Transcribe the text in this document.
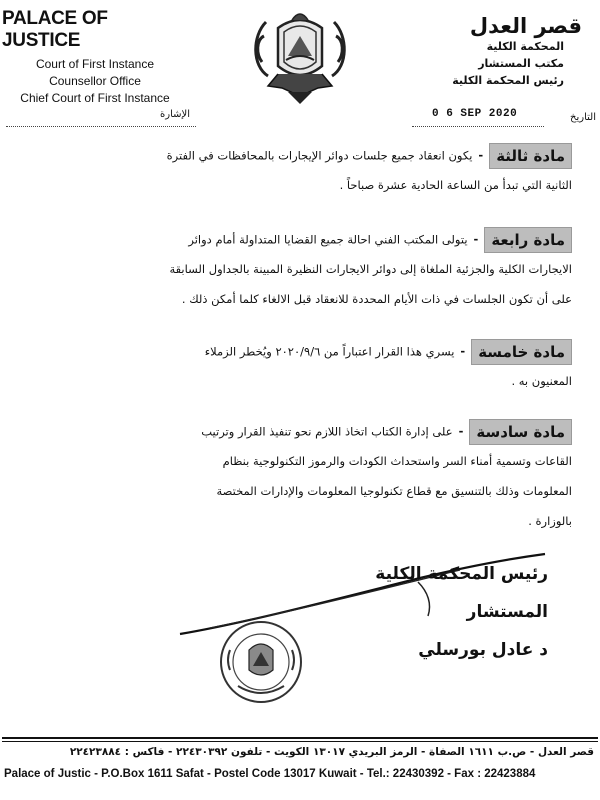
PALACE OF JUSTICE
Court of First Instance
Counsellor Office
Chief Court of First Instance
قصر العدل
المحكمة الكلية
مكتب المستشار
رئيس المحكمة الكلية
الإشارة	0 6 SEP 2020	التاريخ
مادة ثالثة-يكون انعقاد جميع جلسات دوائر الإيجارات بالمحافظات في الفترة
الثانية التي تبدأ من الساعة الحادية عشرة صباحاً .
مادة رابعة-يتولى المكتب الفني احالة جميع القضايا المتداولة أمام دوائر
الايجارات الكلية والجزئية الملغاة إلى دوائر الايجارات النظيرة المبينة بالجداول السابقة
على أن تكون الجلسات في ذات الأيام المحددة للانعقاد قبل الالغاء كلما أمكن ذلك .
مادة خامسة-يسري هذا القرار اعتباراً من ٢٠٢٠/٩/٦ ويُخطر الزملاء
المعنيون به .
مادة سادسة-على إدارة الكتاب اتخاذ اللازم نحو تنفيذ القرار وترتيب
القاعات وتسمية أمناء السر واستحداث الكودات والرموز التكنولوجية بنظام
المعلومات وذلك بالتنسيق مع قطاع تكنولوجيا المعلومات والإدارات المختصة
بالوزارة .
رئيس المحكمة الكلية
المستشار
د عادل بورسلي
قصر العدل - ص.ب ١٦١١ الصفاة - الرمز البريدي ١٣٠١٧ الكويت - تلفون ٢٢٤٣٠٣٩٢ - فاكس : ٢٢٤٢٣٨٨٤
Palace of Justic - P.O.Box 1611 Safat - Postel Code 13017 Kuwait - Tel.: 22430392 - Fax : 22423884
